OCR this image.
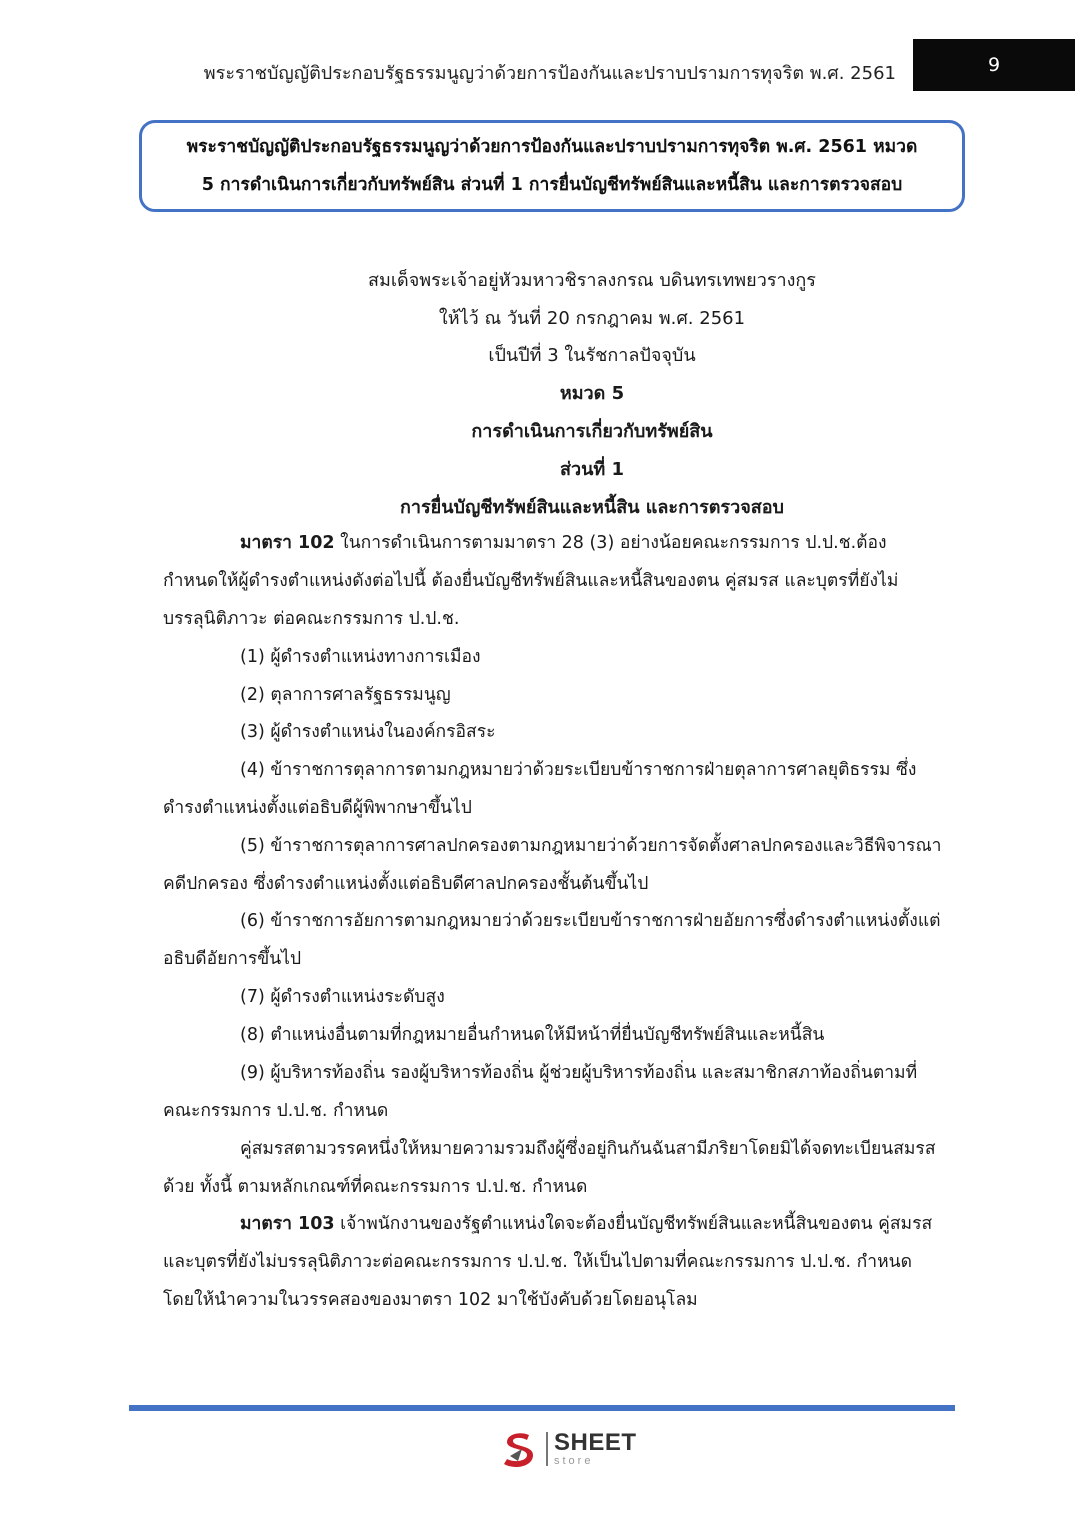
พระราชบัญญัติประกอบรัฐธรรมนูญว่าด้วยการป้องกันและปราบปรามการทุจริต พ.ศ. 2561	9
พระราชบัญญัติประกอบรัฐธรรมนูญว่าด้วยการป้องกันและปราบปรามการทุจริต พ.ศ. 2561 หมวด
5 การดำเนินการเกี่ยวกับทรัพย์สิน ส่วนที่ 1 การยื่นบัญชีทรัพย์สินและหนี้สิน และการตรวจสอบ
สมเด็จพระเจ้าอยู่หัวมหาวชิราลงกรณ บดินทรเทพยวรางกูร
ให้ไว้ ณ วันที่ 20 กรกฎาคม พ.ศ. 2561
เป็นปีที่ 3 ในรัชกาลปัจจุบัน
หมวด 5
การดำเนินการเกี่ยวกับทรัพย์สิน
ส่วนที่ 1
การยื่นบัญชีทรัพย์สินและหนี้สิน และการตรวจสอบ
มาตรา 102 ในการดำเนินการตามมาตรา 28 (3) อย่างน้อยคณะกรรมการ ป.ป.ช.ต้อง
กำหนดให้ผู้ดำรงตำแหน่งดังต่อไปนี้ ต้องยื่นบัญชีทรัพย์สินและหนี้สินของตน คู่สมรส และบุตรที่ยังไม่
บรรลุนิติภาวะ ต่อคณะกรรมการ ป.ป.ช.
(1) ผู้ดำรงตำแหน่งทางการเมือง
(2) ตุลาการศาลรัฐธรรมนูญ
(3) ผู้ดำรงตำแหน่งในองค์กรอิสระ
(4) ข้าราชการตุลาการตามกฎหมายว่าด้วยระเบียบข้าราชการฝ่ายตุลาการศาลยุติธรรม ซึ่ง
ดำรงตำแหน่งตั้งแต่อธิบดีผู้พิพากษาขึ้นไป
(5) ข้าราชการตุลาการศาลปกครองตามกฎหมายว่าด้วยการจัดตั้งศาลปกครองและวิธีพิจารณา
คดีปกครอง ซึ่งดำรงตำแหน่งตั้งแต่อธิบดีศาลปกครองชั้นต้นขึ้นไป
(6) ข้าราชการอัยการตามกฎหมายว่าด้วยระเบียบข้าราชการฝ่ายอัยการซึ่งดำรงตำแหน่งตั้งแต่
อธิบดีอัยการขึ้นไป
(7) ผู้ดำรงตำแหน่งระดับสูง
(8) ตำแหน่งอื่นตามที่กฎหมายอื่นกำหนดให้มีหน้าที่ยื่นบัญชีทรัพย์สินและหนี้สิน
(9) ผู้บริหารท้องถิ่น รองผู้บริหารท้องถิ่น ผู้ช่วยผู้บริหารท้องถิ่น และสมาชิกสภาท้องถิ่นตามที่
คณะกรรมการ ป.ป.ช. กำหนด
คู่สมรสตามวรรคหนึ่งให้หมายความรวมถึงผู้ซึ่งอยู่กินกันฉันสามีภริยาโดยมิได้จดทะเบียนสมรส
ด้วย ทั้งนี้ ตามหลักเกณฑ์ที่คณะกรรมการ ป.ป.ช. กำหนด
มาตรา 103 เจ้าพนักงานของรัฐตำแหน่งใดจะต้องยื่นบัญชีทรัพย์สินและหนี้สินของตน คู่สมรส
และบุตรที่ยังไม่บรรลุนิติภาวะต่อคณะกรรมการ ป.ป.ช. ให้เป็นไปตามที่คณะกรรมการ ป.ป.ช. กำหนด
โดยให้นำความในวรรคสองของมาตรา 102 มาใช้บังคับด้วยโดยอนุโลม
SHEET
store
